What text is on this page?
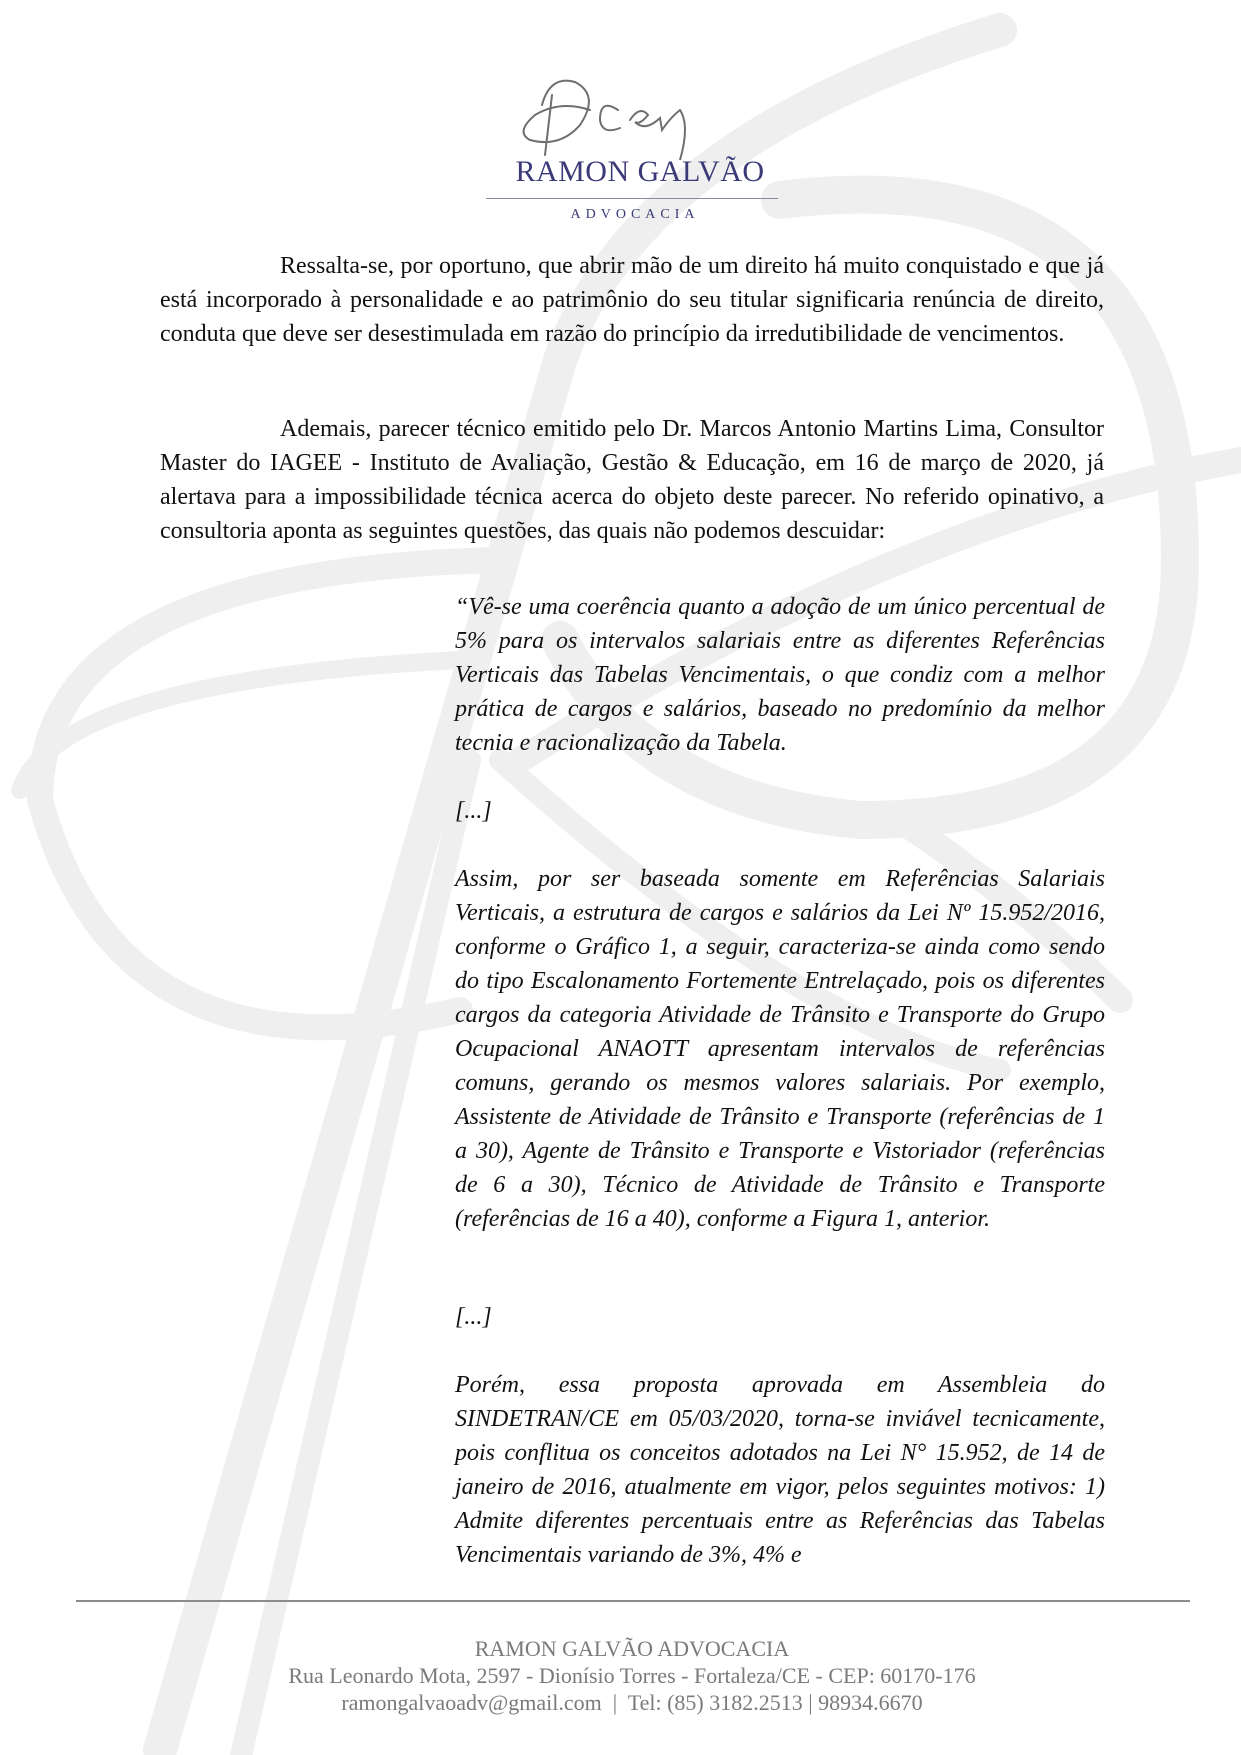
RAMON GALVÃO
ADVOCACIA

Ressalta-se, por oportuno, que abrir mão de um direito há muito conquistado e que já está incorporado à personalidade e ao patrimônio do seu titular significaria renúncia de direito, conduta que deve ser desestimulada em razão do princípio da irredutibilidade de vencimentos.

Ademais, parecer técnico emitido pelo Dr. Marcos Antonio Martins Lima, Consultor Master do IAGEE - Instituto de Avaliação, Gestão & Educação, em 16 de março de 2020, já alertava para a impossibilidade técnica acerca do objeto deste parecer. No referido opinativo, a consultoria aponta as seguintes questões, das quais não podemos descuidar:

“Vê-se uma coerência quanto a adoção de um único percentual de 5% para os intervalos salariais entre as diferentes Referências Verticais das Tabelas Vencimentais, o que condiz com a melhor prática de cargos e salários, baseado no predomínio da melhor tecnia e racionalização da Tabela.

[...]

Assim, por ser baseada somente em Referências Salariais Verticais, a estrutura de cargos e salários da Lei Nº 15.952/2016, conforme o Gráfico 1, a seguir, caracteriza-se ainda como sendo do tipo Escalonamento Fortemente Entrelaçado, pois os diferentes cargos da categoria Atividade de Trânsito e Transporte do Grupo Ocupacional ANAOTT apresentam intervalos de referências comuns, gerando os mesmos valores salariais. Por exemplo, Assistente de Atividade de Trânsito e Transporte (referências de 1 a 30), Agente de Trânsito e Transporte e Vistoriador (referências de 6 a 30), Técnico de Atividade de Trânsito e Transporte (referências de 16 a 40), conforme a Figura 1, anterior.

[...]

Porém, essa proposta aprovada em Assembleia do SINDETRAN/CE em 05/03/2020, torna-se inviável tecnicamente, pois conflitua os conceitos adotados na Lei N° 15.952, de 14 de janeiro de 2016, atualmente em vigor, pelos seguintes motivos: 1) Admite diferentes percentuais entre as Referências das Tabelas Vencimentais variando de 3%, 4% e

RAMON GALVÃO ADVOCACIA
Rua Leonardo Mota, 2597 - Dionísio Torres - Fortaleza/CE - CEP: 60170-176
ramongalvaoadv@gmail.com  |  Tel: (85) 3182.2513 | 98934.6670
